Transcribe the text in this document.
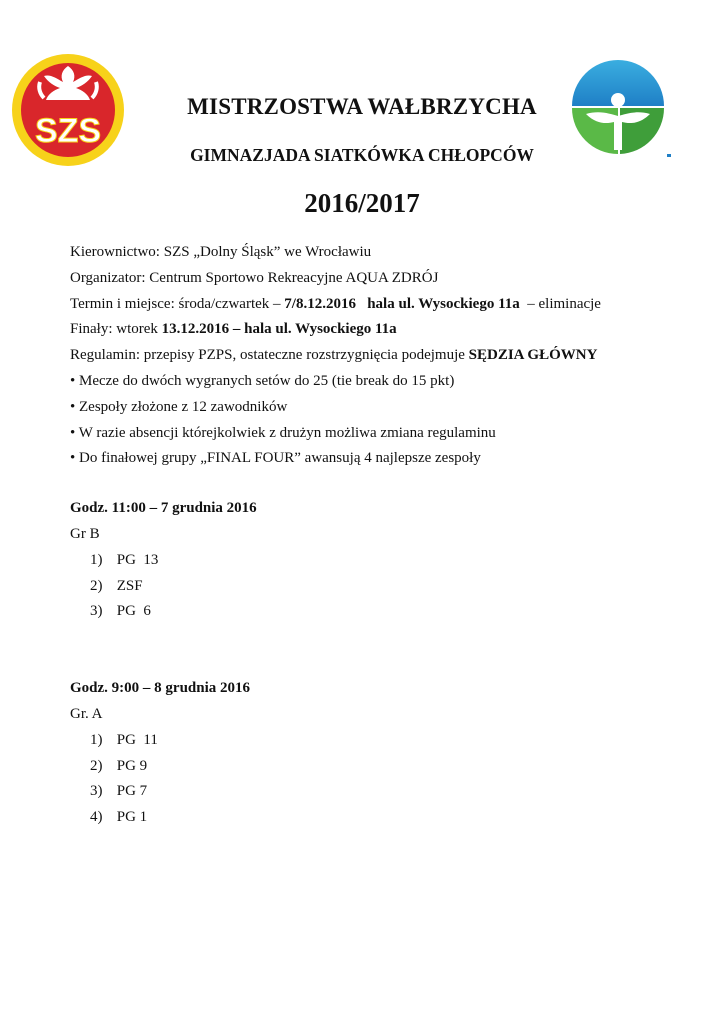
SZS
MISTRZOSTWA WAŁBRZYCHA
GIMNAZJADA SIATKÓWKA CHŁOPCÓW
2016/2017
Kierownictwo: SZS „Dolny Śląsk” we Wrocławiu
Organizator: Centrum Sportowo Rekreacyjne AQUA ZDRÓJ
Termin i miejsce: środa/czwartek – 7/8.12.2016 hala ul. Wysockiego 11a  – eliminacje
Finały: wtorek 13.12.2016 – hala ul. Wysockiego 11a
Regulamin: przepisy PZPS, ostateczne rozstrzygnięcia podejmuje SĘDZIA GŁÓWNY
• Mecze do dwóch wygranych setów do 25 (tie break do 15 pkt)
• Zespoły złożone z 12 zawodników
• W razie absencji którejkolwiek z drużyn możliwa zmiana regulaminu
• Do finałowej grupy „FINAL FOUR” awansują 4 najlepsze zespoły
Godz. 11:00 – 7 grudnia 2016
Gr B
1) PG  13
2) ZSF
3) PG  6
Godz. 9:00 – 8 grudnia 2016
Gr. A
1) PG  11
2) PG 9
3) PG 7
4) PG 1
